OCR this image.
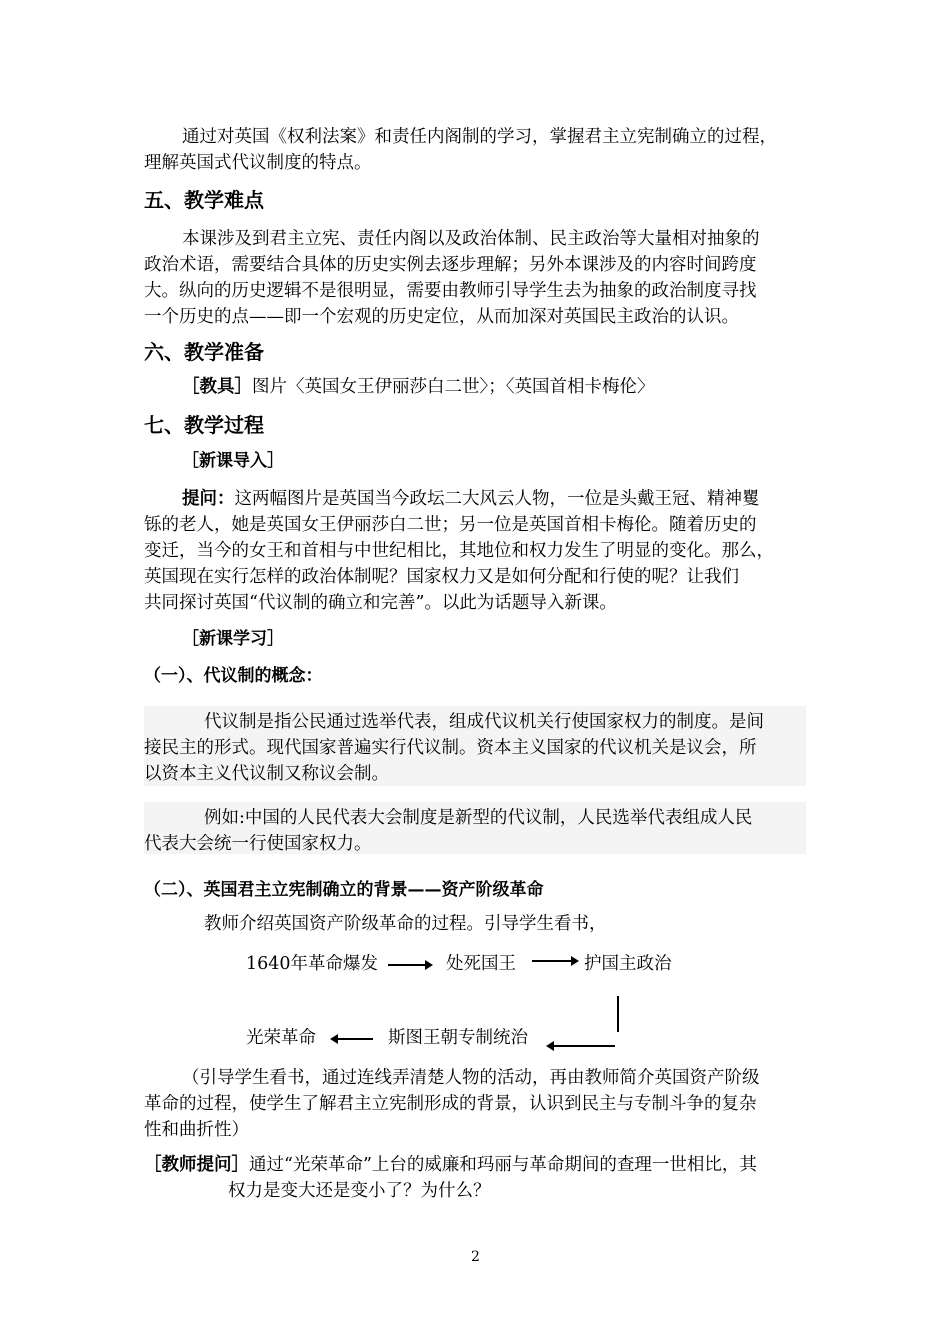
通过对英国《权利法案》和责任内阁制的学习，掌握君主立宪制确立的过程，
理解英国式代议制度的特点。
五、教学难点
本课涉及到君主立宪、责任内阁以及政治体制、民主政治等大量相对抽象的
政治术语，需要结合具体的历史实例去逐步理解；另外本课涉及的内容时间跨度
大。纵向的历史逻辑不是很明显，需要由教师引导学生去为抽象的政治制度寻找
一个历史的点——即一个宏观的历史定位，从而加深对英国民主政治的认识。
六、教学准备
［教具］图片〈英国女王伊丽莎白二世〉；〈英国首相卡梅伦〉
七、教学过程
［新课导入］
提问：这两幅图片是英国当今政坛二大风云人物，一位是头戴王冠、精神矍
铄的老人，她是英国女王伊丽莎白二世；另一位是英国首相卡梅伦。随着历史的
变迁，当今的女王和首相与中世纪相比，其地位和权力发生了明显的变化。那么，
英国现在实行怎样的政治体制呢？国家权力又是如何分配和行使的呢？让我们
共同探讨英国“代议制的确立和完善”。以此为话题导入新课。
［新课学习］
（一）、代议制的概念：
代议制是指公民通过选举代表，组成代议机关行使国家权力的制度。是间
接民主的形式。现代国家普遍实行代议制。资本主义国家的代议机关是议会，所
以资本主义代议制又称议会制。
例如:中国的人民代表大会制度是新型的代议制，人民选举代表组成人民
代表大会统一行使国家权力。
（二）、英国君主立宪制确立的背景——资产阶级革命
教师介绍英国资产阶级革命的过程。引导学生看书，
1640年革命爆发	处死国王	护国主政治
光荣革命	斯图王朝专制统治
（引导学生看书，通过连线弄清楚人物的活动，再由教师简介英国资产阶级
革命的过程，使学生了解君主立宪制形成的背景，认识到民主与专制斗争的复杂
性和曲折性）
［教师提问］通过“光荣革命”上台的威廉和玛丽与革命期间的查理一世相比，其
权力是变大还是变小了？为什么？
2
